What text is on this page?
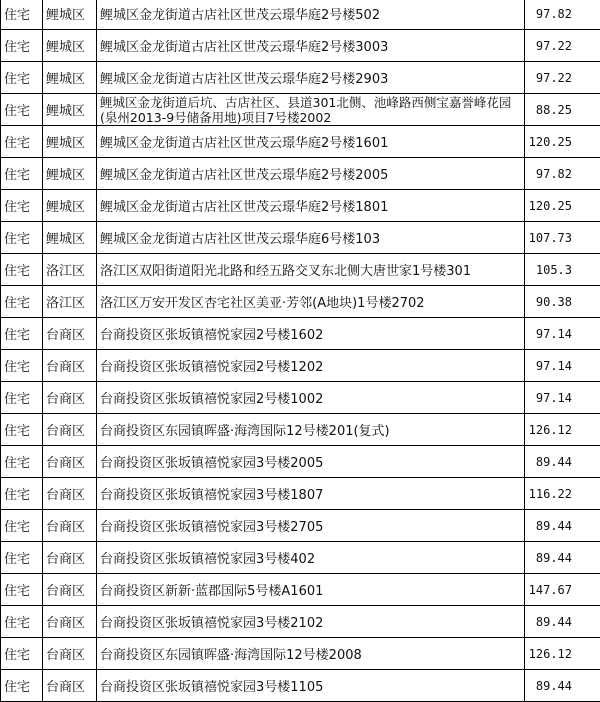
住宅	鲤城区	鲤城区金龙街道古店社区世茂云璟华庭2号楼502	97.82
住宅	鲤城区	鲤城区金龙街道古店社区世茂云璟华庭2号楼3003	97.22
住宅	鲤城区	鲤城区金龙街道古店社区世茂云璟华庭2号楼2903	97.22
住宅	鲤城区	鲤城区金龙街道后坑、古店社区、县道301北侧、池峰路西侧宝嘉誉峰花园(泉州2013-9号储备用地)项目7号楼2002	88.25
住宅	鲤城区	鲤城区金龙街道古店社区世茂云璟华庭2号楼1601	120.25
住宅	鲤城区	鲤城区金龙街道古店社区世茂云璟华庭2号楼2005	97.82
住宅	鲤城区	鲤城区金龙街道古店社区世茂云璟华庭2号楼1801	120.25
住宅	鲤城区	鲤城区金龙街道古店社区世茂云璟华庭6号楼103	107.73
住宅	洛江区	洛江区双阳街道阳光北路和经五路交叉东北侧大唐世家1号楼301	105.3
住宅	洛江区	洛江区万安开发区杏宅社区美亚·芳邻(A地块)1号楼2702	90.38
住宅	台商区	台商投资区张坂镇禧悦家园2号楼1602	97.14
住宅	台商区	台商投资区张坂镇禧悦家园2号楼1202	97.14
住宅	台商区	台商投资区张坂镇禧悦家园2号楼1002	97.14
住宅	台商区	台商投资区东园镇晖盛·海湾国际12号楼201(复式)	126.12
住宅	台商区	台商投资区张坂镇禧悦家园3号楼2005	89.44
住宅	台商区	台商投资区张坂镇禧悦家园3号楼1807	116.22
住宅	台商区	台商投资区张坂镇禧悦家园3号楼2705	89.44
住宅	台商区	台商投资区张坂镇禧悦家园3号楼402	89.44
住宅	台商区	台商投资区新新·蓝郡国际5号楼A1601	147.67
住宅	台商区	台商投资区张坂镇禧悦家园3号楼2102	89.44
住宅	台商区	台商投资区东园镇晖盛·海湾国际12号楼2008	126.12
住宅	台商区	台商投资区张坂镇禧悦家园3号楼1105	89.44
